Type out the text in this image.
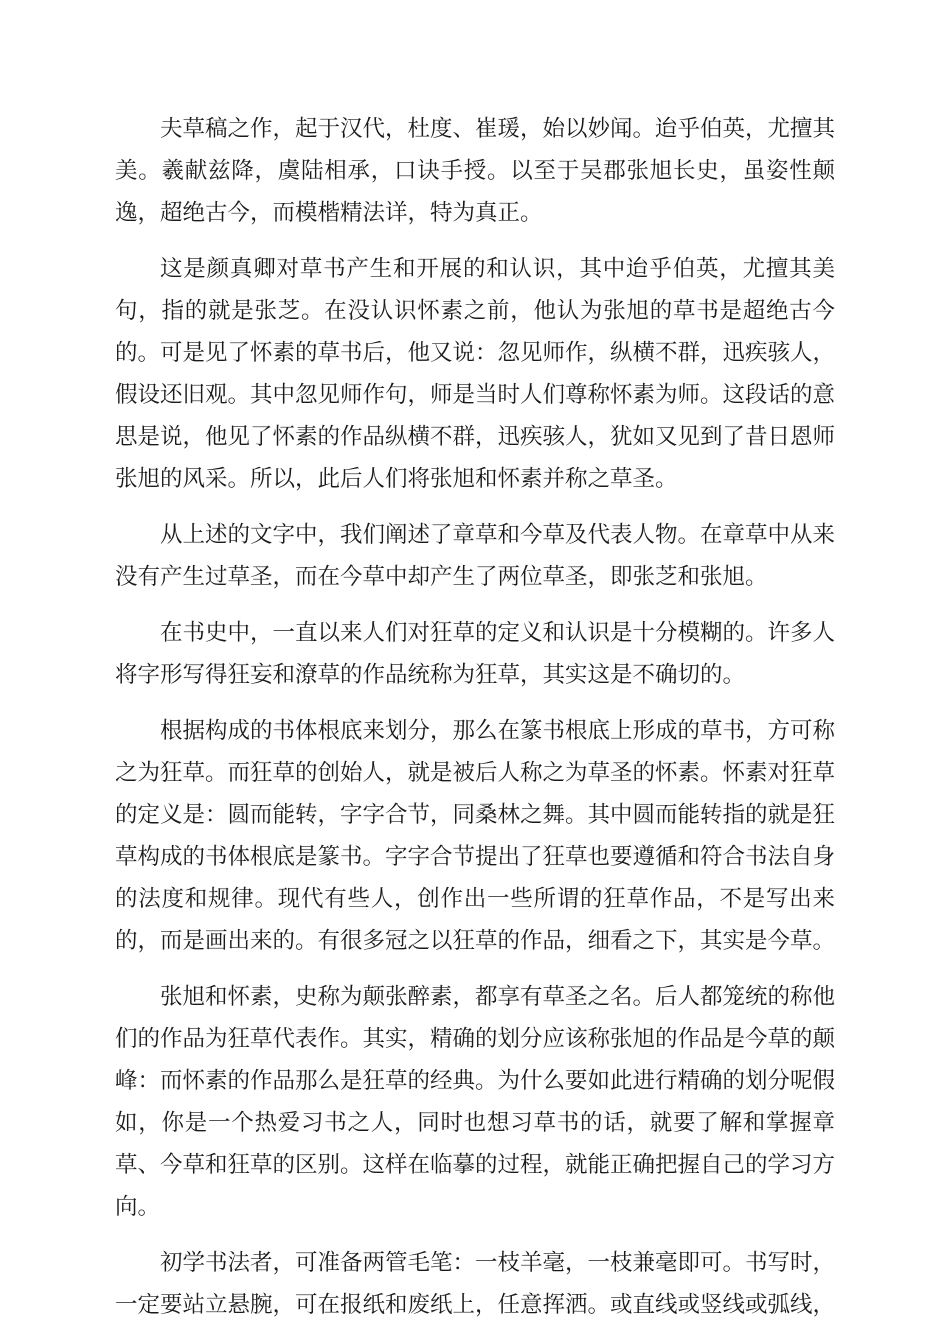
夫草稿之作，起于汉代，杜度、崔瑗，始以妙闻。迨乎伯英，尤擅其美。羲献兹降，虞陆相承，口诀手授。以至于吴郡张旭长史，虽姿性颠逸，超绝古今，而模楷精法详，特为真正。

这是颜真卿对草书产生和开展的和认识，其中迨乎伯英，尤擅其美句，指的就是张芝。在没认识怀素之前，他认为张旭的草书是超绝古今的。可是见了怀素的草书后，他又说：忽见师作，纵横不群，迅疾骇人，假设还旧观。其中忽见师作句，师是当时人们尊称怀素为师。这段话的意思是说，他见了怀素的作品纵横不群，迅疾骇人，犹如又见到了昔日恩师张旭的风采。所以，此后人们将张旭和怀素并称之草圣。

从上述的文字中，我们阐述了章草和今草及代表人物。在章草中从来没有产生过草圣，而在今草中却产生了两位草圣，即张芝和张旭。

在书史中，一直以来人们对狂草的定义和认识是十分模糊的。许多人将字形写得狂妄和潦草的作品统称为狂草，其实这是不确切的。

根据构成的书体根底来划分，那么在篆书根底上形成的草书，方可称之为狂草。而狂草的创始人，就是被后人称之为草圣的怀素。怀素对狂草的定义是：圆而能转，字字合节，同桑林之舞。其中圆而能转指的就是狂草构成的书体根底是篆书。字字合节提出了狂草也要遵循和符合书法自身的法度和规律。现代有些人，创作出一些所谓的狂草作品，不是写出来的，而是画出来的。有很多冠之以狂草的作品，细看之下，其实是今草。

张旭和怀素，史称为颠张醉素，都享有草圣之名。后人都笼统的称他们的作品为狂草代表作。其实，精确的划分应该称张旭的作品是今草的颠峰：而怀素的作品那么是狂草的经典。为什么要如此进行精确的划分呢假如，你是一个热爱习书之人，同时也想习草书的话，就要了解和掌握章草、今草和狂草的区别。这样在临摹的过程，就能正确把握自己的学习方向。

初学书法者，可准备两管毛笔：一枝羊毫，一枝兼毫即可。书写时，一定要站立悬腕，可在报纸和废纸上，任意挥洒。或直线或竖线或弧线，
